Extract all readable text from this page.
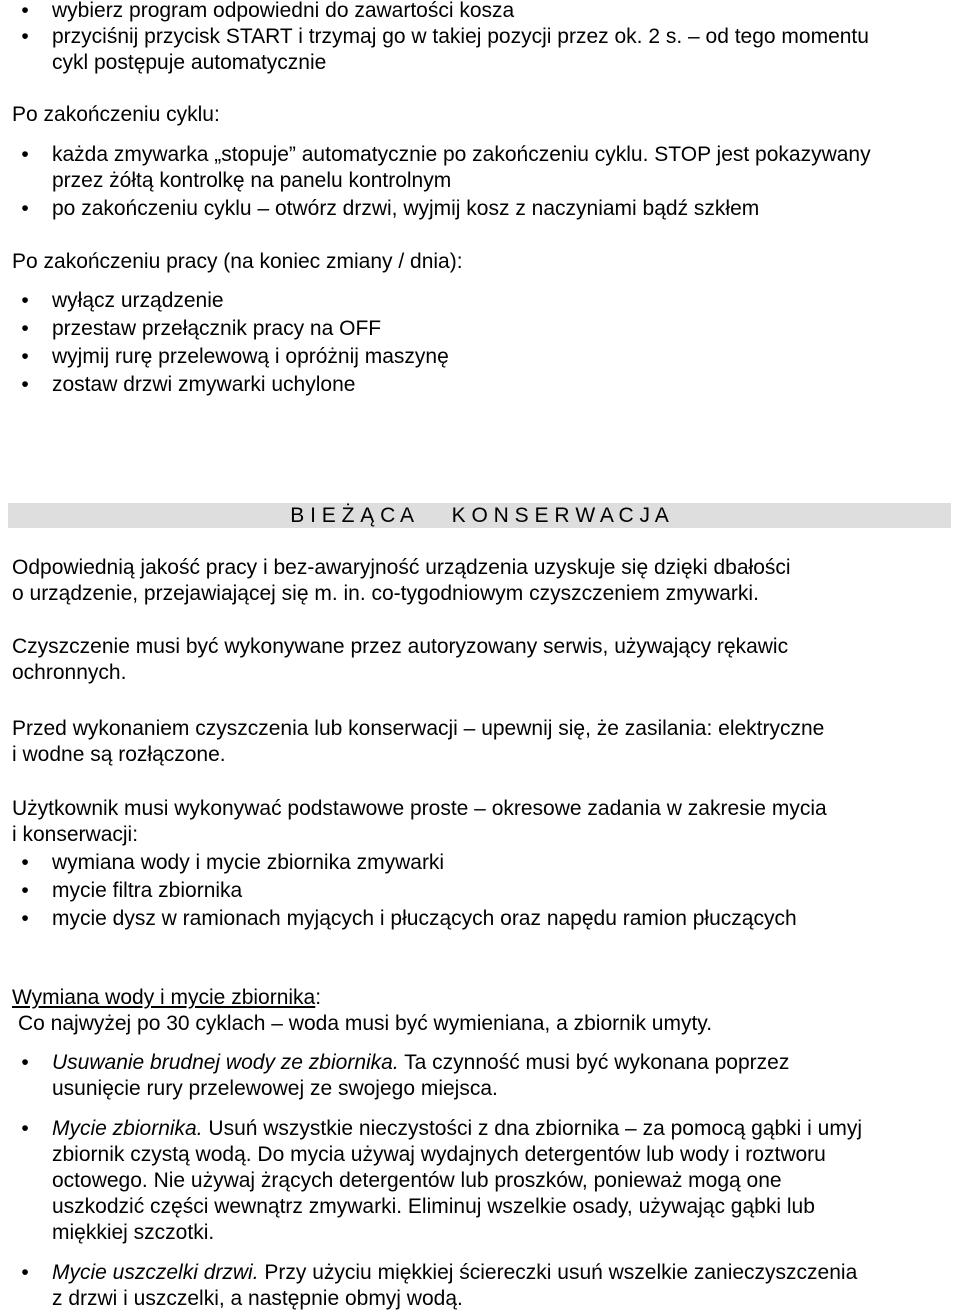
•	wybierz program odpowiedni do zawartości kosza
•	przyciśnij przycisk START i trzymaj go w takiej pozycji przez ok. 2 s. – od tego momentu
cykl postępuje automatycznie
Po zakończeniu cyklu:
•	każda zmywarka „stopuje” automatycznie po zakończeniu cyklu. STOP jest pokazywany
przez żółtą kontrolkę na panelu kontrolnym
•	po zakończeniu cyklu – otwórz drzwi, wyjmij kosz z naczyniami bądź szkłem
Po zakończeniu pracy (na koniec zmiany / dnia):
•	wyłącz urządzenie
•	przestaw przełącznik pracy na OFF
•	wyjmij rurę przelewową i opróżnij maszynę
•	zostaw drzwi zmywarki uchylone
B I E Ż Ą C A K O N S E R W A C J A
Odpowiednią jakość pracy i bez-awaryjność urządzenia uzyskuje się dzięki dbałości
o urządzenie, przejawiającej się m. in. co-tygodniowym czyszczeniem zmywarki.
Czyszczenie musi być wykonywane przez autoryzowany serwis, używający rękawic
ochronnych.
Przed wykonaniem czyszczenia lub konserwacji – upewnij się, że zasilania: elektryczne
i wodne są rozłączone.
Użytkownik musi wykonywać podstawowe proste – okresowe zadania w zakresie mycia
i konserwacji:
•	wymiana wody i mycie zbiornika zmywarki
•	mycie filtra zbiornika
•	mycie dysz w ramionach myjących i płuczących oraz napędu ramion płuczących
Wymiana wody i mycie zbiornika:
Co najwyżej po 30 cyklach – woda musi być wymieniana, a zbiornik umyty.
•	Usuwanie brudnej wody ze zbiornika. Ta czynność musi być wykonana poprzez
usunięcie rury przelewowej ze swojego miejsca.
•	Mycie zbiornika. Usuń wszystkie nieczystości z dna zbiornika – za pomocą gąbki i umyj
zbiornik czystą wodą. Do mycia używaj wydajnych detergentów lub wody i roztworu
octowego. Nie używaj żrących detergentów lub proszków, ponieważ mogą one
uszkodzić części wewnątrz zmywarki. Eliminuj wszelkie osady, używając gąbki lub
miękkiej szczotki.
•	Mycie uszczelki drzwi. Przy użyciu miękkiej ściereczki usuń wszelkie zanieczyszczenia
z drzwi i uszczelki, a następnie obmyj wodą.
